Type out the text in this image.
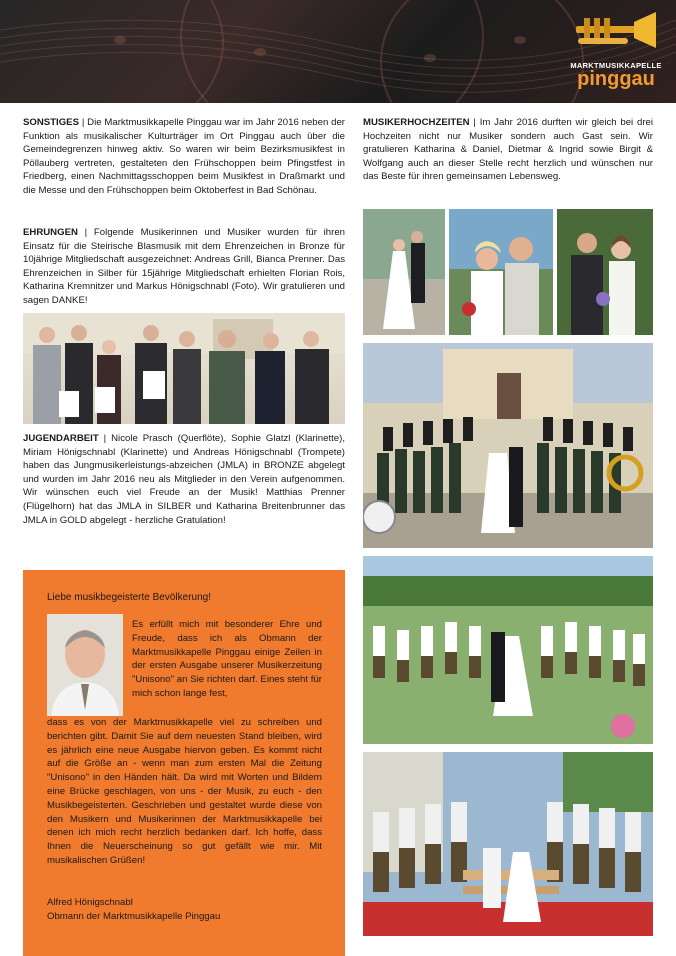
MARKTMUSIKKAPELLE
pinggau
SONSTIGES | Die Marktmusikkapelle Pinggau war im Jahr 2016 neben der Funktion als musikalischer Kulturträger im Ort Pinggau auch über die Gemeindegrenzen hinweg aktiv. So waren wir beim Bezirksmusikfest in Pöllauberg vertreten, gestalteten den Frühschoppen beim Pfingstfest in Friedberg, einen Nachmittagsschoppen beim Musikfest in Draßmarkt und die Messe und den Frühschoppen beim Oktoberfest in Bad Schönau.
EHRUNGEN | Folgende Musikerinnen und Musiker wurden für ihren Einsatz für die Steirische Blasmusik mit dem Ehrenzeichen in Bronze für 10jährige Mitgliedschaft ausgezeichnet: Andreas Grill, Bianca Prenner. Das Ehrenzeichen in Silber für 15jährige Mitgliedschaft erhielten Florian Rois, Katharina Kremnitzer und Markus Hönigschnabl (Foto). Wir gratulieren und sagen DANKE!
JUGENDARBEIT | Nicole Prasch (Querflöte), Sophie Glatzl (Klarinette), Miriam Hönigschnabl (Klarinette) und Andreas Hönigschnabl (Trompete) haben das Jungmusikerleistungs-abzeichen (JMLA) in BRONZE abgelegt und wurden im Jahr 2016 neu als Mitglieder in den Verein aufgenommen. Wir wünschen euch viel Freude an der Musik! Matthias Prenner (Flügelhorn) hat das JMLA in SILBER und Katharina Breitenbrunner das JMLA in GOLD abgelegt - herzliche Gratulation!
Liebe musikbegeisterte Bevölkerung!
Es erfüllt mich mit besonderer Ehre und Freude, dass ich als Obmann der Marktmusikkapelle Pinggau einige Zeilen in der ersten Ausgabe unserer Musikerzeitung "Unisono" an Sie richten darf. Eines steht für mich schon lange fest,
dass es von der Marktmusikkapelle viel zu schreiben und berichten gibt. Damit Sie auf dem neuesten Stand bleiben, wird es jährlich eine neue Ausgabe hiervon geben. Es kommt nicht auf die Größe an - wenn man zum ersten Mal die Zeitung "Unisono" in den Händen hält. Da wird mit Worten und Bildern eine Brücke geschlagen, von uns - der Musik, zu euch - den Musikbegeisterten. Geschrieben und gestaltet wurde diese von den Musikern und Musikerinnen der Marktmusikkapelle bei denen ich mich recht herzlich bedanken darf. Ich hoffe, dass Ihnen die Neuerscheinung so gut gefällt wie mir. Mit musikalischen Grüßen!
Alfred Hönigschnabl
Obmann der Marktmusikkapelle Pinggau
MUSIKERHOCHZEITEN | Im Jahr 2016 durften wir gleich bei drei Hochzeiten nicht nur Musiker sondern auch Gast sein. Wir gratulieren Katharina & Daniel, Dietmar & Ingrid sowie Birgit & Wolfgang auch an dieser Stelle recht herzlich und wünschen nur das Beste für ihren gemeinsamen Lebensweg.
